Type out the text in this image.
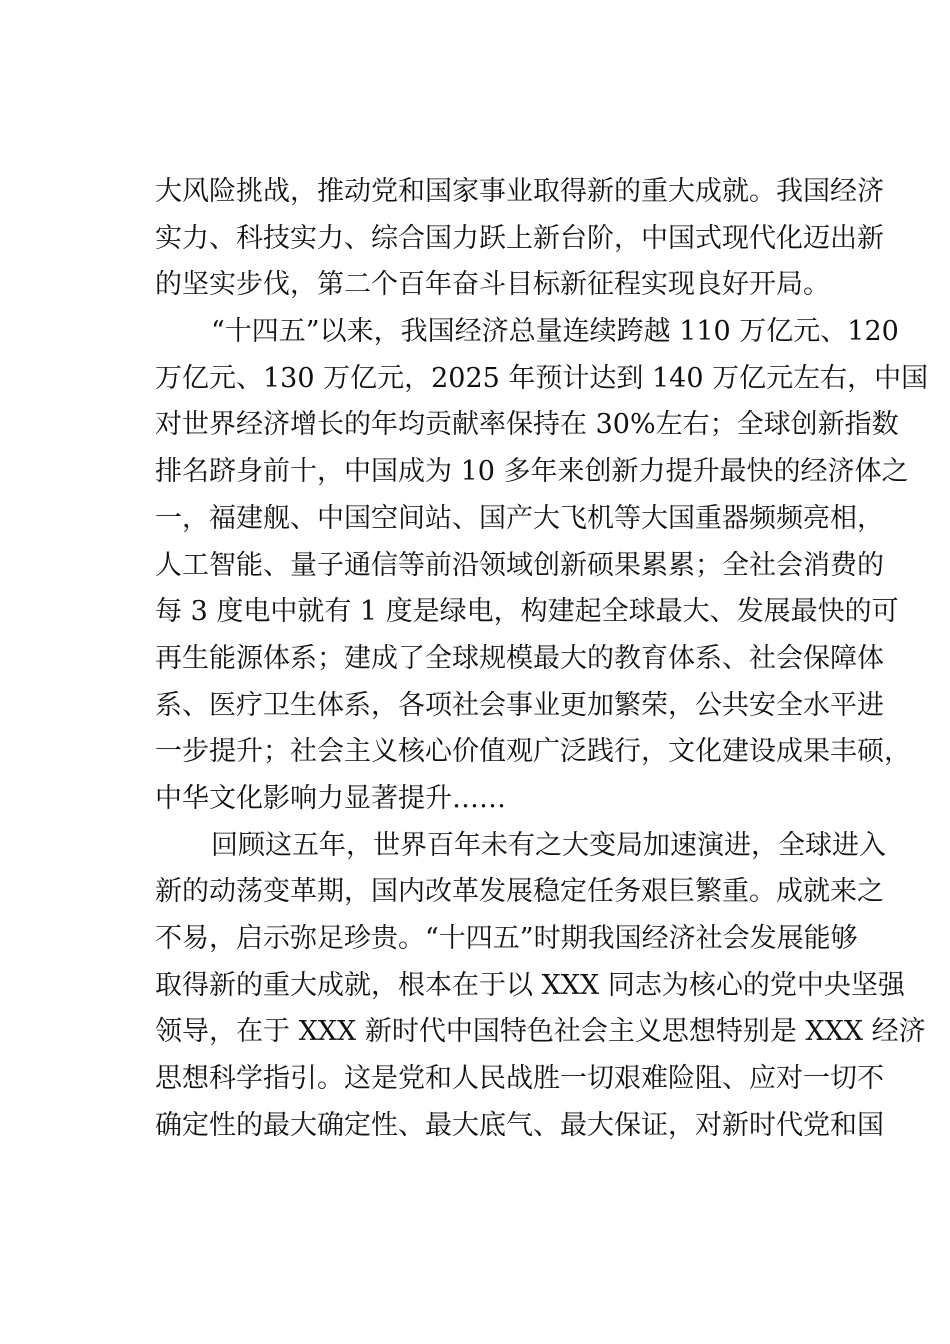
大风险挑战，推动党和国家事业取得新的重大成就。我国经济
实力、科技实力、综合国力跃上新台阶，中国式现代化迈出新
的坚实步伐，第二个百年奋斗目标新征程实现良好开局。
“十四五”以来，我国经济总量连续跨越 110 万亿元、120
万亿元、130 万亿元，2025 年预计达到 140 万亿元左右，中国
对世界经济增长的年均贡献率保持在 30%左右；全球创新指数
排名跻身前十，中国成为 10 多年来创新力提升最快的经济体之
一，福建舰、中国空间站、国产大飞机等大国重器频频亮相，
人工智能、量子通信等前沿领域创新硕果累累；全社会消费的
每 3 度电中就有 1 度是绿电，构建起全球最大、发展最快的可
再生能源体系；建成了全球规模最大的教育体系、社会保障体
系、医疗卫生体系，各项社会事业更加繁荣，公共安全水平进
一步提升；社会主义核心价值观广泛践行，文化建设成果丰硕，
中华文化影响力显著提升……
回顾这五年，世界百年未有之大变局加速演进，全球进入
新的动荡变革期，国内改革发展稳定任务艰巨繁重。成就来之
不易，启示弥足珍贵。“十四五”时期我国经济社会发展能够
取得新的重大成就，根本在于以 XXX 同志为核心的党中央坚强
领导，在于 XXX 新时代中国特色社会主义思想特别是 XXX 经济
思想科学指引。这是党和人民战胜一切艰难险阻、应对一切不
确定性的最大确定性、最大底气、最大保证，对新时代党和国
